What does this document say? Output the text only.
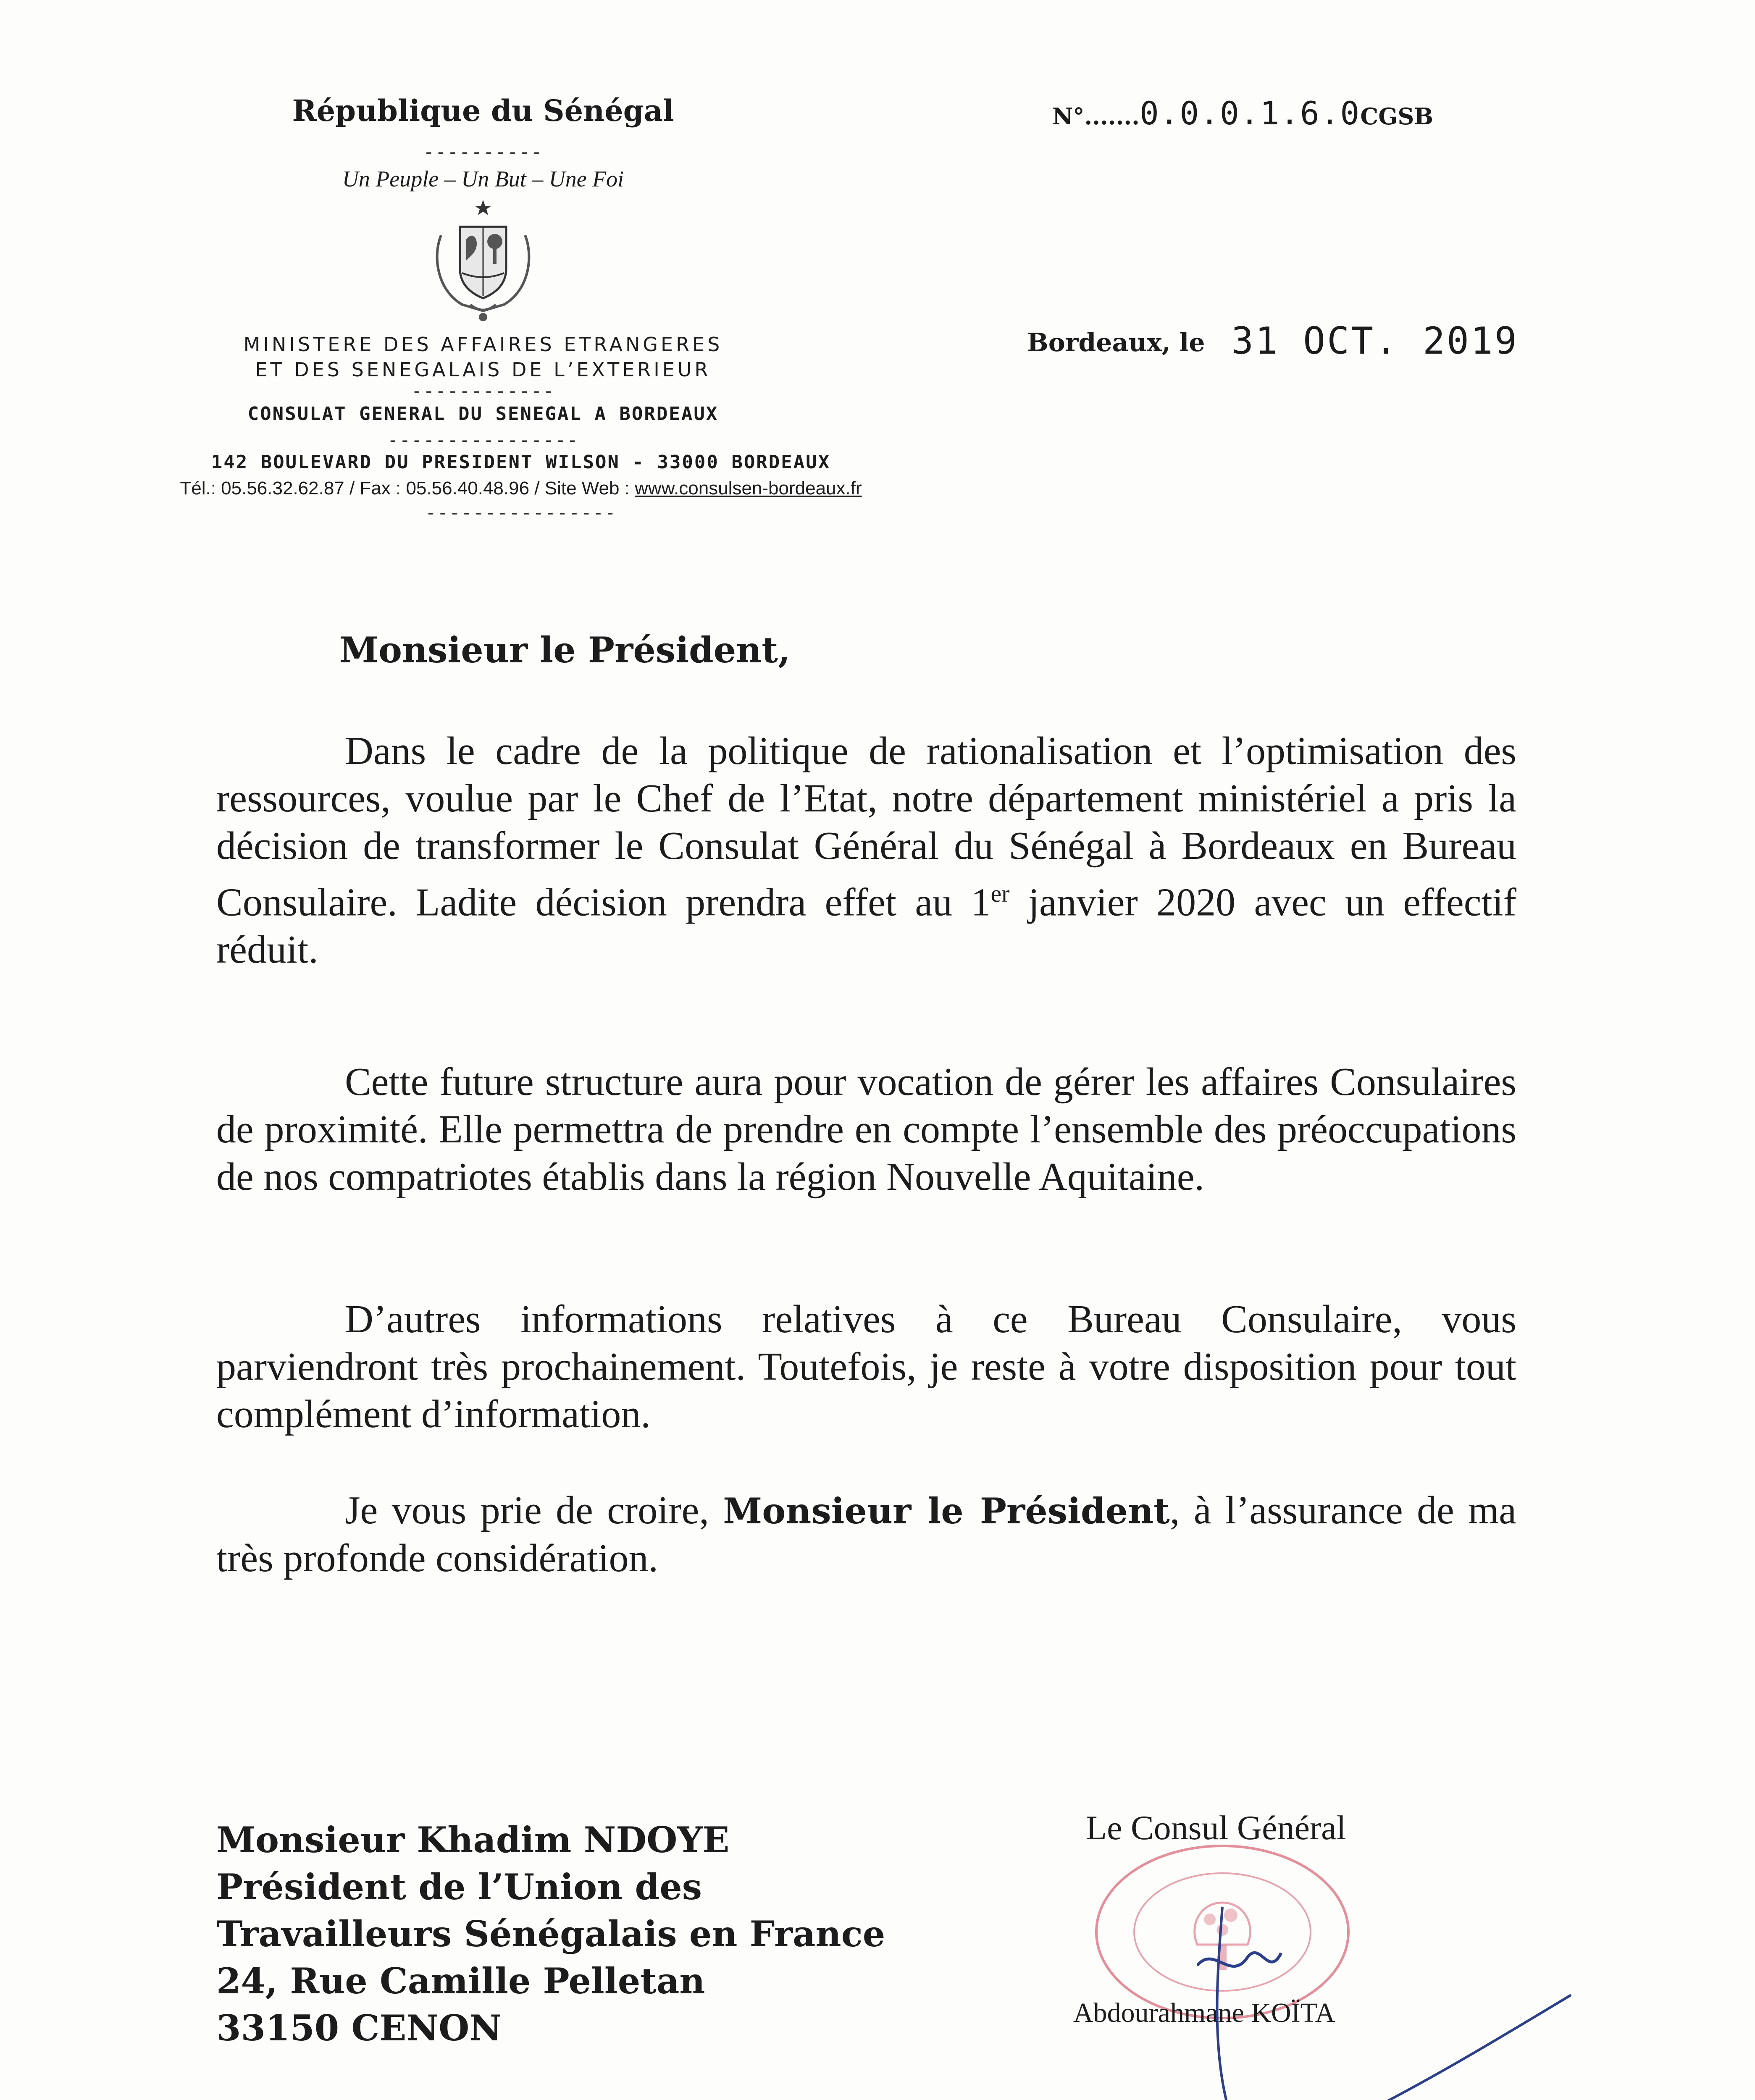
République du Sénégal
----------
Un Peuple – Un But – Une Foi
MINISTERE DES AFFAIRES ETRANGERES
ET DES SENEGALAIS DE L’EXTERIEUR
------------
CONSULAT GENERAL DU SENEGAL A BORDEAUX
----------------
142 BOULEVARD DU PRESIDENT WILSON - 33000 BORDEAUX
Tél.: 05.56.32.62.87 / Fax : 05.56.40.48.96 / Site Web : www.consulsen-bordeaux.fr
----------------
N°.......0.0.0.1.6.0CGSB
Bordeaux, le 31 OCT. 2019
Monsieur le Président,
Dans le cadre de la politique de rationalisation et l’optimisation des ressources, voulue par le Chef de l’Etat, notre département ministériel a pris la décision de transformer le Consulat Général du Sénégal à Bordeaux en Bureau Consulaire. Ladite décision prendra effet au 1er janvier 2020 avec un effectif réduit.
Cette future structure aura pour vocation de gérer les affaires Consulaires de proximité. Elle permettra de prendre en compte l’ensemble des préoccupations de nos compatriotes établis dans la région Nouvelle Aquitaine.
D’autres informations relatives à ce Bureau Consulaire, vous parviendront très prochainement. Toutefois, je reste à votre disposition pour tout complément d’information.
Je vous prie de croire, Monsieur le Président, à l’assurance de ma très profonde considération.
Monsieur Khadim NDOYE
Président de l’Union des
Travailleurs Sénégalais en France
24, Rue Camille Pelletan
33150 CENON
Le Consul Général
Abdourahmane KOÏTA
